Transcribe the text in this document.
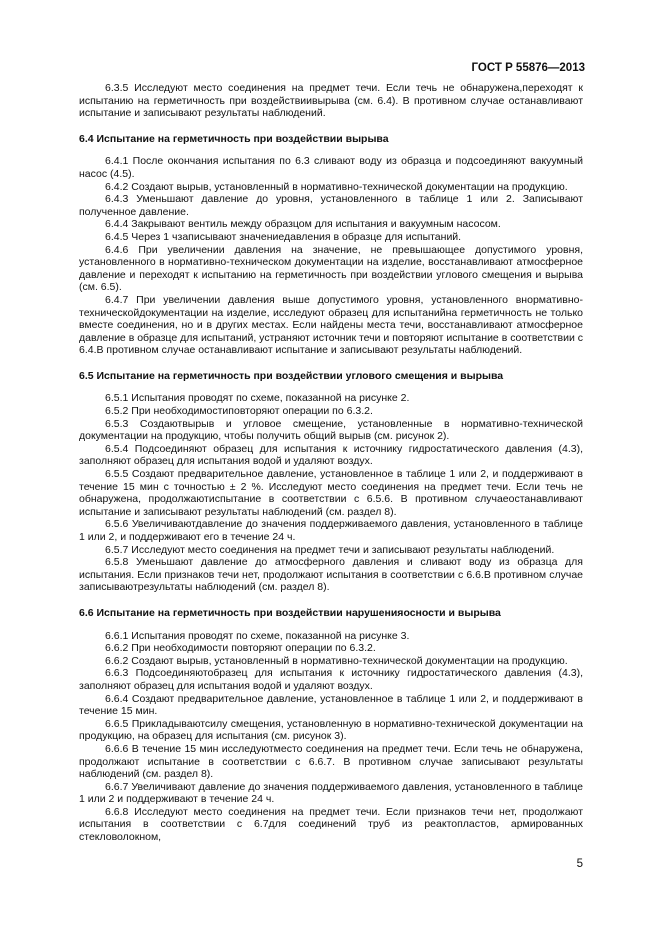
ГОСТ Р 55876—2013

6.3.5 Исследуют место соединения на предмет течи. Если течь не обнаружена,переходят к испытанию на герметичность при воздействиивырыва (см. 6.4). В противном случае останавливают испытание и записывают результаты наблюдений.

6.4 Испытание на герметичность при воздействии вырыва

6.4.1 После окончания испытания по 6.3 сливают воду из образца и подсоединяют вакуумный насос (4.5).

6.4.2 Создают вырыв, установленный в нормативно-технической документации на продукцию.

6.4.3 Уменьшают давление до уровня, установленного в таблице 1 или 2. Записывают полученное давление.

6.4.4 Закрывают вентиль между образцом для испытания и вакуумным насосом.

6.4.5 Через 1 чзаписывают значениедавления в образце для испытаний.

6.4.6 При увеличении давления на значение, не превышающее допустимого уровня, установленного в нормативно-техническом документации на изделие, восстанавливают атмосферное давление и переходят к испытанию на герметичность при воздействии углового смещения и вырыва (см. 6.5).

6.4.7 При увеличении давления выше допустимого уровня, установленного внормативно-техническойдокументации на изделие, исследуют образец для испытанийна герметичность не только вместе соединения, но и в других местах. Если найдены места течи, восстанавливают атмосферное давление в образце для испытаний, устраняют источник течи и повторяют испытание в соответствии с 6.4.В противном случае останавливают испытание и записывают результаты наблюдений.

6.5 Испытание на герметичность при воздействии углового смещения и вырыва

6.5.1 Испытания проводят по схеме, показанной на рисунке 2.

6.5.2 При необходимостиповторяют операции по 6.3.2.

6.5.3 Создаютвырыв и угловое смещение, установленные в нормативно-технической документации на продукцию, чтобы получить общий вырыв (см. рисунок 2).

6.5.4 Подсоединяют образец для испытания к источнику гидростатического давления (4.3), заполняют образец для испытания водой и удаляют воздух.

6.5.5 Создают предварительное давление, установленное в таблице 1 или 2, и поддерживают в течение 15 мин с точностью ± 2 %. Исследуют место соединения на предмет течи. Если течь не обнаружена, продолжаютиспытание в соответствии с 6.5.6. В противном случаеостанавливают испытание и записывают результаты наблюдений (см. раздел 8).

6.5.6 Увеличиваютдавление до значения поддерживаемого давления, установленного в таблице 1 или 2, и поддерживают его в течение 24 ч.

6.5.7 Исследуют место соединения на предмет течи и записывают результаты наблюдений.

6.5.8 Уменьшают давление до атмосферного давления и сливают воду из образца для испытания. Если признаков течи нет, продолжают испытания в соответствии с 6.6.В противном случае записываютрезультаты наблюдений (см. раздел 8).

6.6 Испытание на герметичность при воздействии нарушенияосности и вырыва

6.6.1 Испытания проводят по схеме, показанной на рисунке 3.

6.6.2 При необходимости повторяют операции по 6.3.2.

6.6.2 Создают вырыв, установленный в нормативно-технической документации на продукцию.

6.6.3 Подсоединяютобразец для испытания к источнику гидростатического давления (4.3), заполняют образец для испытания водой и удаляют воздух.

6.6.4 Создают предварительное давление, установленное в таблице 1 или 2, и поддерживают в течение 15 мин.

6.6.5 Прикладываютсилу смещения, установленную в нормативно-технической документации на продукцию, на образец для испытания (см. рисунок 3).

6.6.6 В течение 15 мин исследуютместо соединения на предмет течи. Если течь не обнаружена, продолжают испытание в соответствии с 6.6.7. В противном случае записывают результаты наблюдений (см. раздел 8).

6.6.7 Увеличивают давление до значения поддерживаемого давления, установленного в таблице 1 или 2 и поддерживают в течение 24 ч.

6.6.8 Исследуют место соединения на предмет течи. Если признаков течи нет, продолжают испытания в соответствии с 6.7для соединений труб из реактопластов, армированных стекловолокном,

5
